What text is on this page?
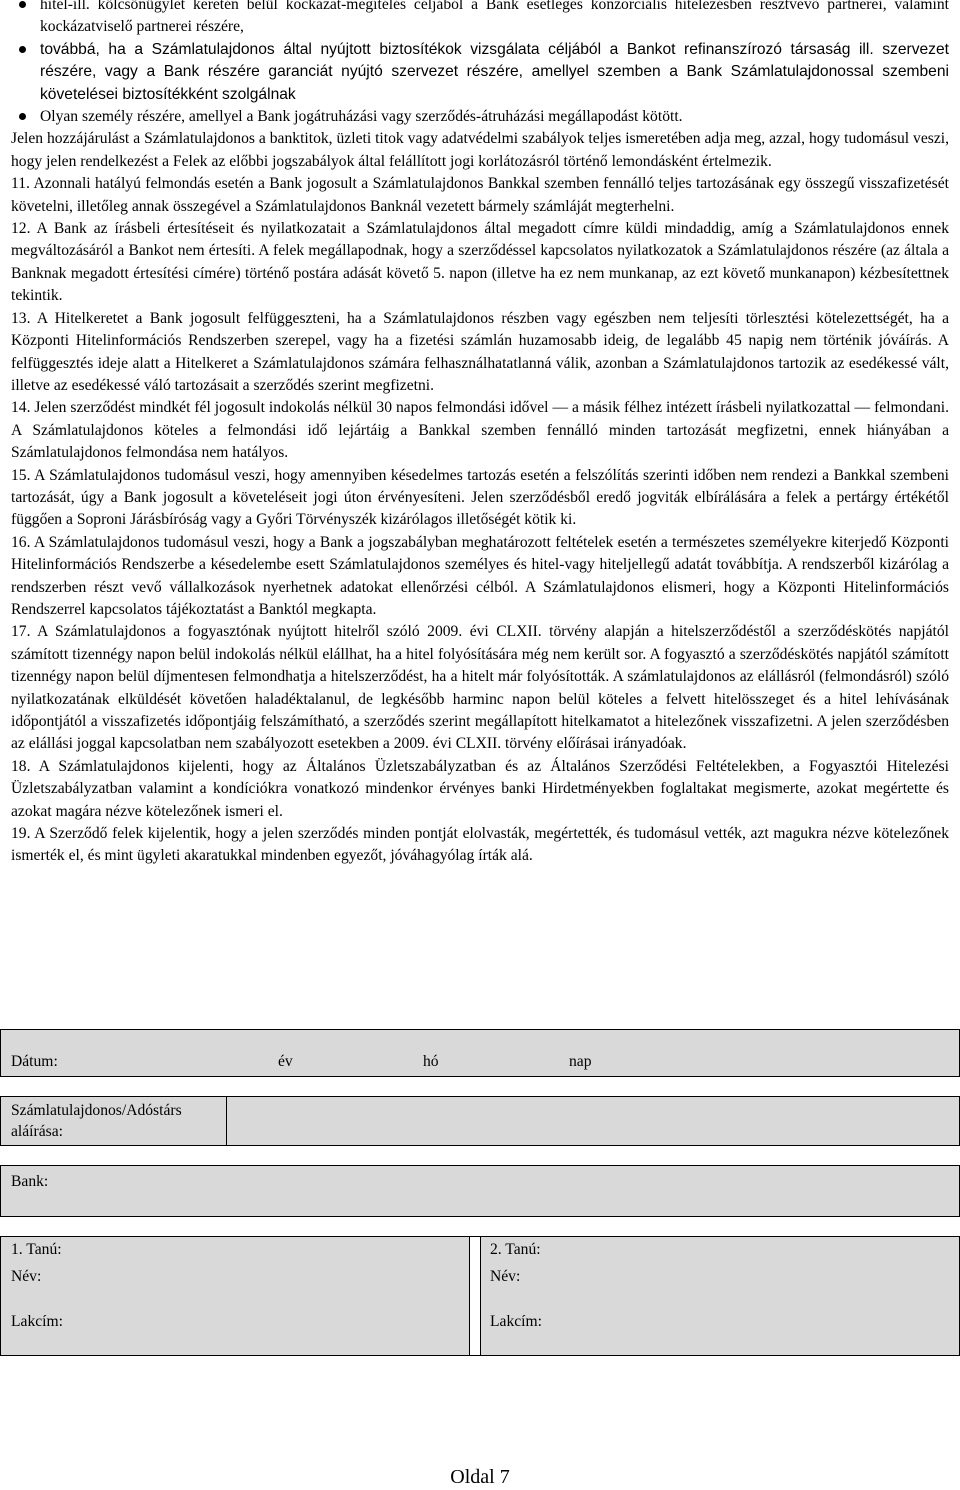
hitel-ill. kölcsönügylet keretén belül kockázat-megítélés céljából a Bank esetleges konzorciális hitelezésben résztvevő partnerei, valamint kockázatviselő partnerei részére,

továbbá, ha a Számlatulajdonos által nyújtott biztosítékok vizsgálata céljából a Bankot refinanszírozó társaság ill. szervezet részére, vagy a Bank részére garanciát nyújtó szervezet részére, amellyel szemben a Bank Számlatulajdonossal szembeni követelései biztosítékként szolgálnak

Olyan személy részére, amellyel a Bank jogátruházási vagy szerződés-átruházási megállapodást kötött.

Jelen hozzájárulást a Számlatulajdonos a banktitok, üzleti titok vagy adatvédelmi szabályok teljes ismeretében adja meg, azzal, hogy tudomásul veszi, hogy jelen rendelkezést a Felek az előbbi jogszabályok által felállított jogi korlátozásról történő lemondásként értelmezik.

11. Azonnali hatályú felmondás esetén a Bank jogosult a Számlatulajdonos Bankkal szemben fennálló teljes tartozásának egy összegű visszafizetését követelni, illetőleg annak összegével a Számlatulajdonos Banknál vezetett bármely számláját megterhelni.

12. A Bank az írásbeli értesítéseit és nyilatkozatait a Számlatulajdonos által megadott címre küldi mindaddig, amíg a Számlatulajdonos ennek megváltozásáról a Bankot nem értesíti. A felek megállapodnak, hogy a szerződéssel kapcsolatos nyilatkozatok a Számlatulajdonos részére (az általa a Banknak megadott értesítési címére) történő postára adását követő 5. napon (illetve ha ez nem munkanap, az ezt követő munkanapon) kézbesítettnek tekintik.

13. A Hitelkeretet a Bank jogosult felfüggeszteni, ha a Számlatulajdonos részben vagy egészben nem teljesíti törlesztési kötelezettségét, ha a Központi Hitelinformációs Rendszerben szerepel, vagy ha a fizetési számlán huzamosabb ideig, de legalább 45 napig nem történik jóváírás. A felfüggesztés ideje alatt a Hitelkeret a Számlatulajdonos számára felhasználhatatlanná válik, azonban a Számlatulajdonos tartozik az esedékessé vált, illetve az esedékessé váló tartozásait a szerződés szerint megfizetni.

14. Jelen szerződést mindkét fél jogosult indokolás nélkül 30 napos felmondási idővel — a másik félhez intézett írásbeli nyilatkozattal — felmondani. A Számlatulajdonos köteles a felmondási idő lejártáig a Bankkal szemben fennálló minden tartozását megfizetni, ennek hiányában a Számlatulajdonos felmondása nem hatályos.

15. A Számlatulajdonos tudomásul veszi, hogy amennyiben késedelmes tartozás esetén a felszólítás szerinti időben nem rendezi a Bankkal szembeni tartozását, úgy a Bank jogosult a követeléseit jogi úton érvényesíteni. Jelen szerződésből eredő jogviták elbírálására a felek a pertárgy értékétől függően a Soproni Járásbíróság vagy a Győri Törvényszék kizárólagos illetőségét kötik ki.

16. A Számlatulajdonos tudomásul veszi, hogy a Bank a jogszabályban meghatározott feltételek esetén a természetes személyekre kiterjedő Központi Hitelinformációs Rendszerbe a késedelembe esett Számlatulajdonos személyes és hitel-vagy hiteljellegű adatát továbbítja. A rendszerből kizárólag a rendszerben részt vevő vállalkozások nyerhetnek adatokat ellenőrzési célból. A Számlatulajdonos elismeri, hogy a Központi Hitelinformációs Rendszerrel kapcsolatos tájékoztatást a Banktól megkapta.

17. A Számlatulajdonos a fogyasztónak nyújtott hitelről szóló 2009. évi CLXII. törvény alapján a hitelszerződéstől a szerződéskötés napjától számított tizennégy napon belül indokolás nélkül elállhat, ha a hitel folyósítására még nem került sor. A fogyasztó a szerződéskötés napjától számított tizennégy napon belül díjmentesen felmondhatja a hitelszerződést, ha a hitelt már folyósították. A számlatulajdonos az elállásról (felmondásról) szóló nyilatkozatának elküldését követően haladéktalanul, de legkésőbb harminc napon belül köteles a felvett hitelösszeget és a hitel lehívásának időpontjától a visszafizetés időpontjáig felszámítható, a szerződés szerint megállapított hitelkamatot a hitelezőnek visszafizetni. A jelen szerződésben az elállási joggal kapcsolatban nem szabályozott esetekben a 2009. évi CLXII. törvény előírásai irányadóak.

18. A Számlatulajdonos kijelenti, hogy az Általános Üzletszabályzatban és az Általános Szerződési Feltételekben, a Fogyasztói Hitelezési Üzletszabályzatban valamint a kondíciókra vonatkozó mindenkor érvényes banki Hirdetményekben foglaltakat megismerte, azokat megértette és azokat magára nézve kötelezőnek ismeri el.

19. A Szerződő felek kijelentik, hogy a jelen szerződés minden pontját elolvasták, megértették, és tudomásul vették, azt magukra nézve kötelezőnek ismerték el, és mint ügyleti akaratukkal mindenben egyezőt, jóváhagyólag írták alá.

Dátum:	év	hó	nap
Számlatulajdonos/Adóstárs aláírása:
Bank:
1. Tanú:
Név:
Lakcím:
2. Tanú:
Név:
Lakcím:
Oldal 7
